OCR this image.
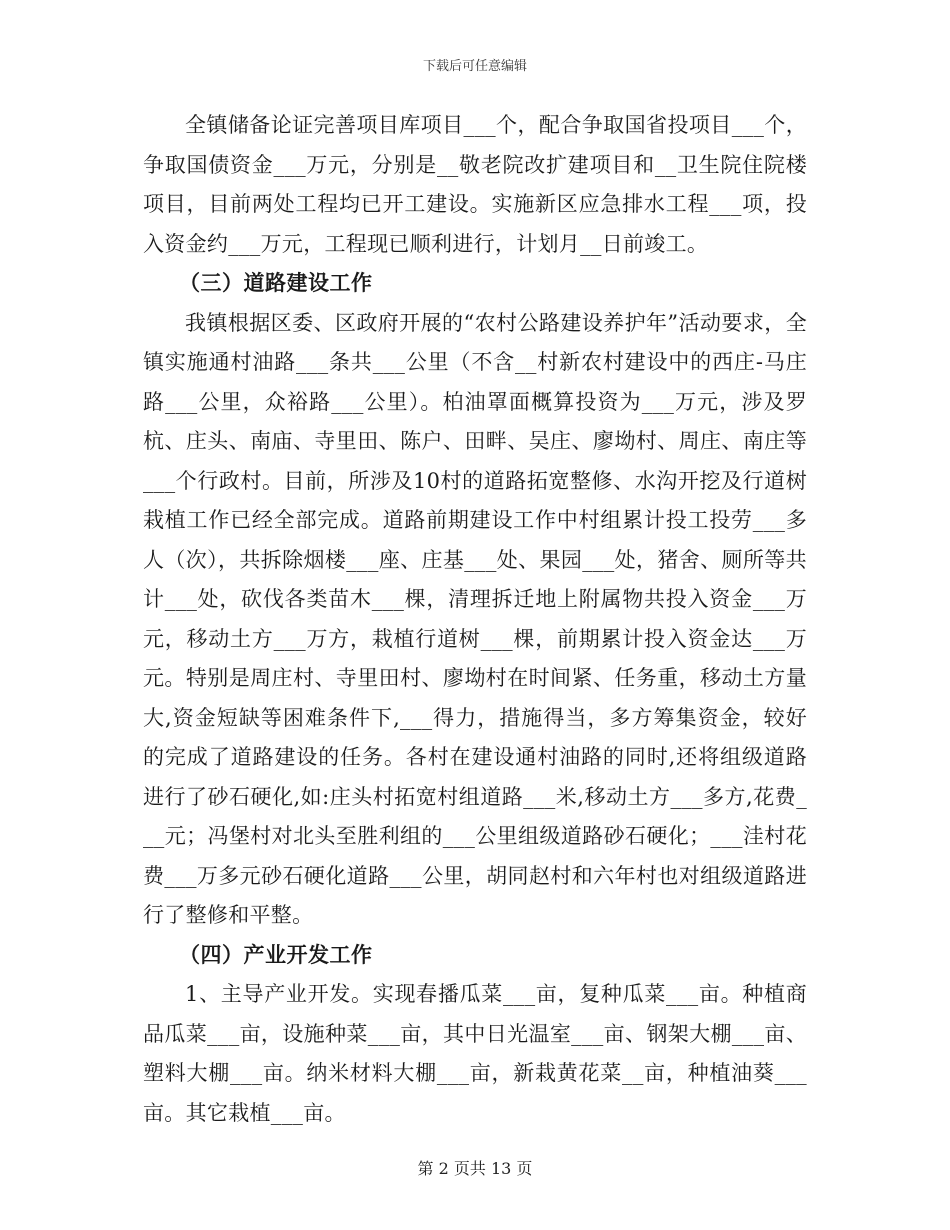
下载后可任意编辑

全镇储备论证完善项目库项目___个，配合争取国省投项目___个，争取国债资金___万元，分别是__敬老院改扩建项目和__卫生院住院楼项目，目前两处工程均已开工建设。实施新区应急排水工程___项，投入资金约___万元，工程现已顺利进行，计划月__日前竣工。

（三）道路建设工作

我镇根据区委、区政府开展的“农村公路建设养护年”活动要求，全镇实施通村油路___条共___公里（不含__村新农村建设中的西庄-马庄路___公里，众裕路___公里）。柏油罩面概算投资为___万元，涉及罗杭、庄头、南庙、寺里田、陈户、田畔、吴庄、廖坳村、周庄、南庄等___个行政村。目前，所涉及10村的道路拓宽整修、水沟开挖及行道树栽植工作已经全部完成。道路前期建设工作中村组累计投工投劳___多人（次），共拆除烟楼___座、庄基___处、果园___处，猪舍、厕所等共计___处，砍伐各类苗木___棵，清理拆迁地上附属物共投入资金___万元，移动土方___万方，栽植行道树___棵，前期累计投入资金达___万元。特别是周庄村、寺里田村、廖坳村在时间紧、任务重，移动土方量大,资金短缺等困难条件下,___得力，措施得当，多方筹集资金，较好的完成了道路建设的任务。各村在建设通村油路的同时,还将组级道路进行了砂石硬化,如:庄头村拓宽村组道路___米,移动土方___多方,花费___元；冯堡村对北头至胜利组的___公里组级道路砂石硬化；___洼村花费___万多元砂石硬化道路___公里，胡同赵村和六年村也对组级道路进行了整修和平整。

（四）产业开发工作

1、主导产业开发。实现春播瓜菜___亩，复种瓜菜___亩。种植商品瓜菜___亩，设施种菜___亩，其中日光温室___亩、钢架大棚___亩、塑料大棚___亩。纳米材料大棚___亩，新栽黄花菜__亩，种植油葵___亩。其它栽植___亩。

第 2 页共 13 页
